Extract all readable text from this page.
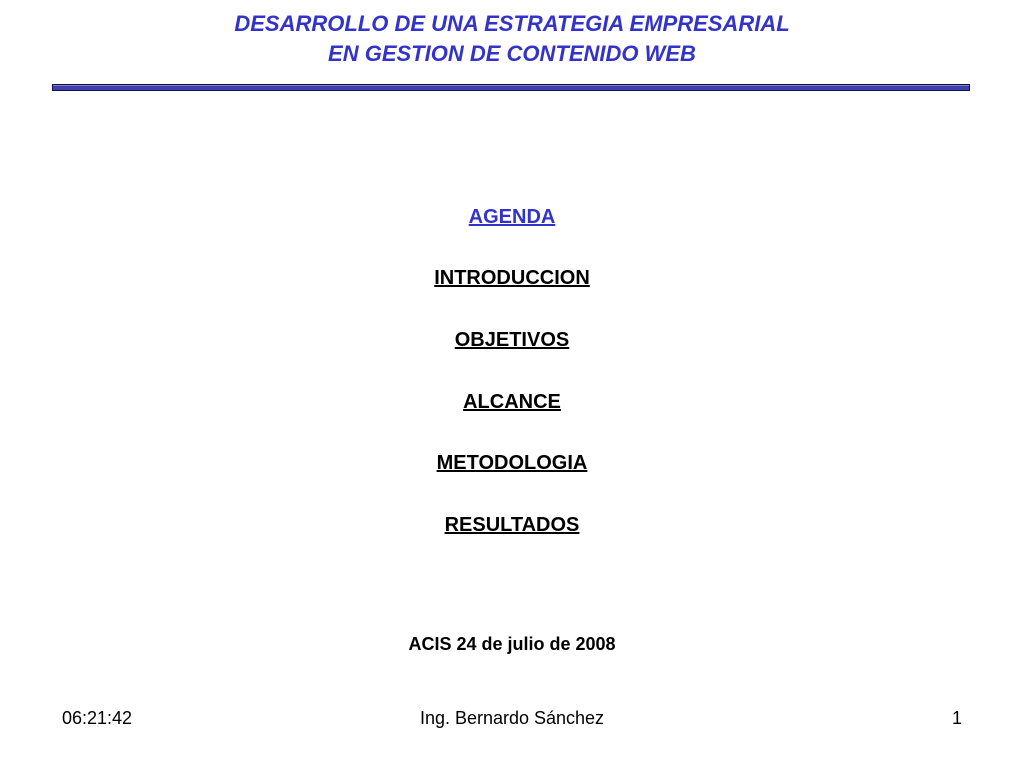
DESARROLLO DE UNA ESTRATEGIA EMPRESARIAL
EN GESTION DE CONTENIDO WEB
AGENDA
INTRODUCCION
OBJETIVOS
ALCANCE
METODOLOGIA
RESULTADOS
ACIS 24 de julio de 2008
06:21:42	Ing. Bernardo Sánchez	1
